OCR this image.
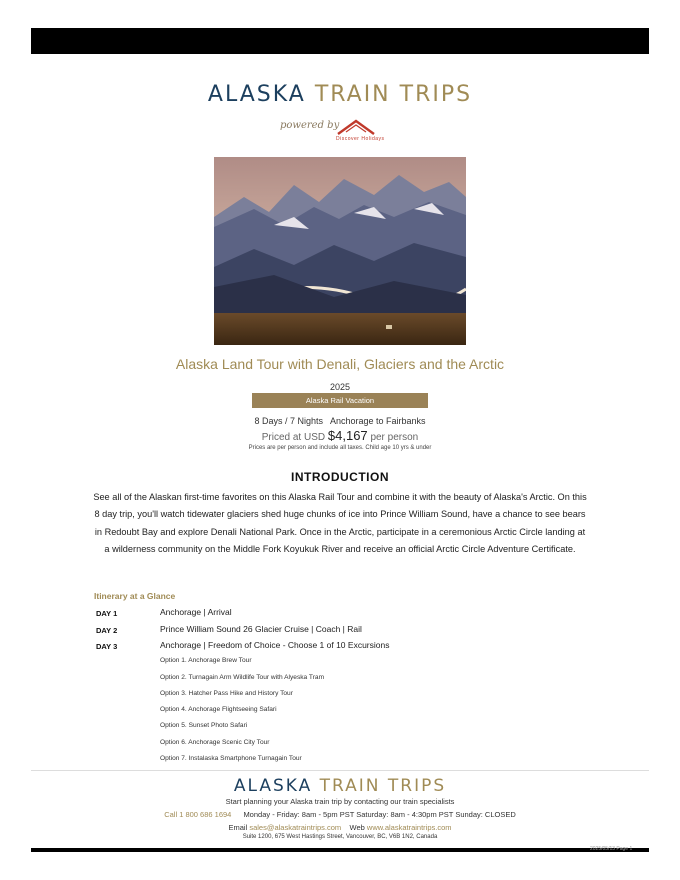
ALASKA TRAIN TRIPS
powered by
Discover Holidays
Alaska Land Tour with Denali, Glaciers and the Arctic
2025
Alaska Rail Vacation
8 Days / 7 Nights Anchorage to Fairbanks
Priced at USD $4,167 per person
Prices are per person and include all taxes. Child age 10 yrs & under
INTRODUCTION
See all of the Alaskan first-time favorites on this Alaska Rail Tour and combine it with the beauty of Alaska's Arctic. On this 8 day trip, you'll watch tidewater glaciers shed huge chunks of ice into Prince William Sound, have a chance to see bears in Redoubt Bay and explore Denali National Park. Once in the Arctic, participate in a ceremonious Arctic Circle landing at a wilderness community on the Middle Fork Koyukuk River and receive an official Arctic Circle Adventure Certificate.
Itinerary at a Glance
DAY 1	Anchorage | Arrival
DAY 2	Prince William Sound 26 Glacier Cruise | Coach | Rail
DAY 3	Anchorage | Freedom of Choice - Choose 1 of 10 Excursions
Option 1. Anchorage Brew Tour
Option 2. Turnagain Arm Wildlife Tour with Alyeska Tram
Option 3. Hatcher Pass Hike and History Tour
Option 4. Anchorage Flightseeing Safari
Option 5. Sunset Photo Safari
Option 6. Anchorage Scenic City Tour
Option 7. Instalaska Smartphone Turnagain Tour
ALASKA TRAIN TRIPS
Start planning your Alaska train trip by contacting our train specialists
Call 1 800 686 1694 Monday - Friday: 8am - 5pm PST Saturday: 8am - 4:30pm PST Sunday: CLOSED
Email sales@alaskatraintrips.com Web www.alaskatraintrips.com
Suite 1200, 675 West Hastings Street, Vancouver, BC, V6B 1N2, Canada
2025/05/13 Page 1
